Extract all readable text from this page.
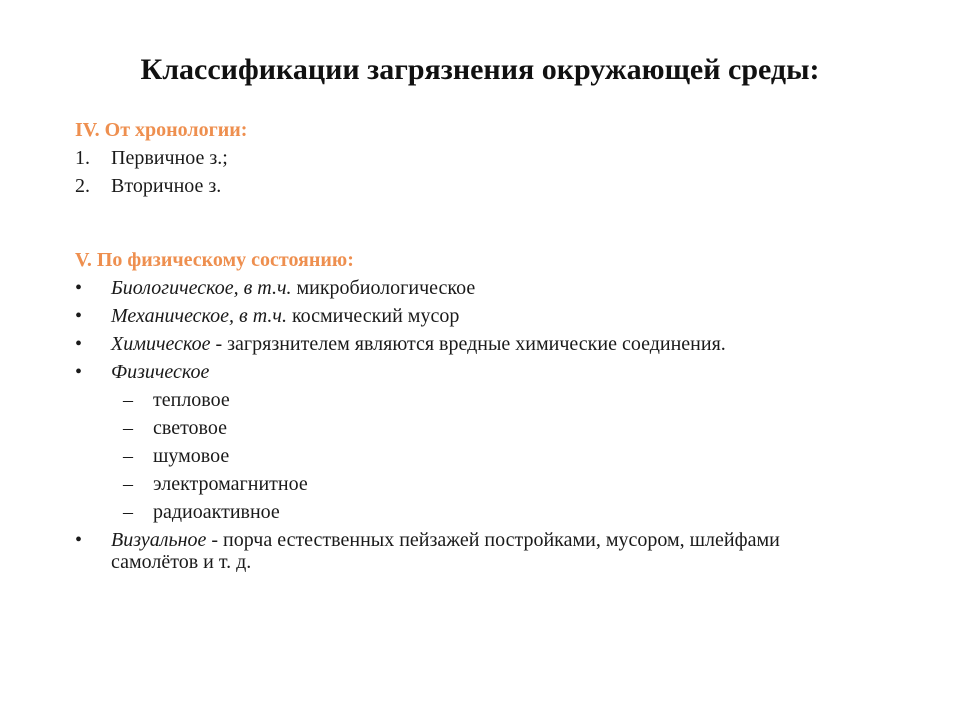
Классификации загрязнения окружающей среды:
IV. От хронологии:
1.	Первичное з.;
2.	Вторичное з.
V. По физическому состоянию:
•	Биологическое, в т.ч. микробиологическое
•	Механическое, в т.ч. космический мусор
•	Химическое - загрязнителем являются вредные химические соединения.
•	Физическое
–	тепловое
–	световое
–	шумовое
–	электромагнитное
–	радиоактивное
•	Визуальное - порча естественных пейзажей постройками, мусором, шлейфами самолётов и т. д.
